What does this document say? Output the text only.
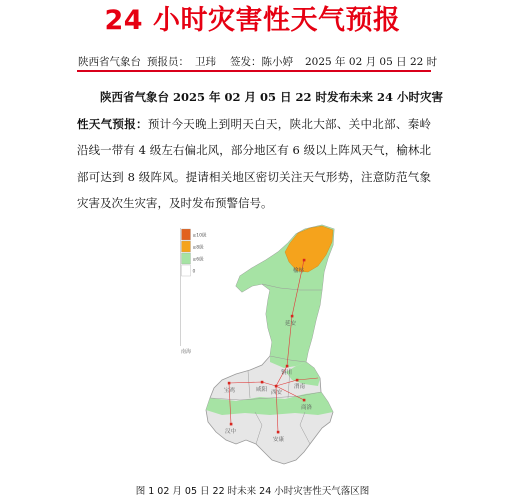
24 小时灾害性天气预报
陕西省气象台 预报员： 卫玮 签发：陈小婷 2025 年 02 月 05 日 22 时
陕西省气象台 2025 年 02 月 05 日 22 时发布未来 24 小时灾害
性天气预报：预计今天晚上到明天白天，陕北大部、关中北部、秦岭
沿线一带有 4 级左右偏北风，部分地区有 6 级以上阵风天气，榆林北
部可达到 8 级阵风。提请相关地区密切关注天气形势，注意防范气象
灾害及次生灾害，及时发布预警信号。
榆林
延安
铜川
宝鸡	咸阳 西安
渭南
商洛
汉中
安康
≥10级
≥8级
≥6级
0
南海
图 1 02 月 05 日 22 时未来 24 小时灾害性天气落区图
